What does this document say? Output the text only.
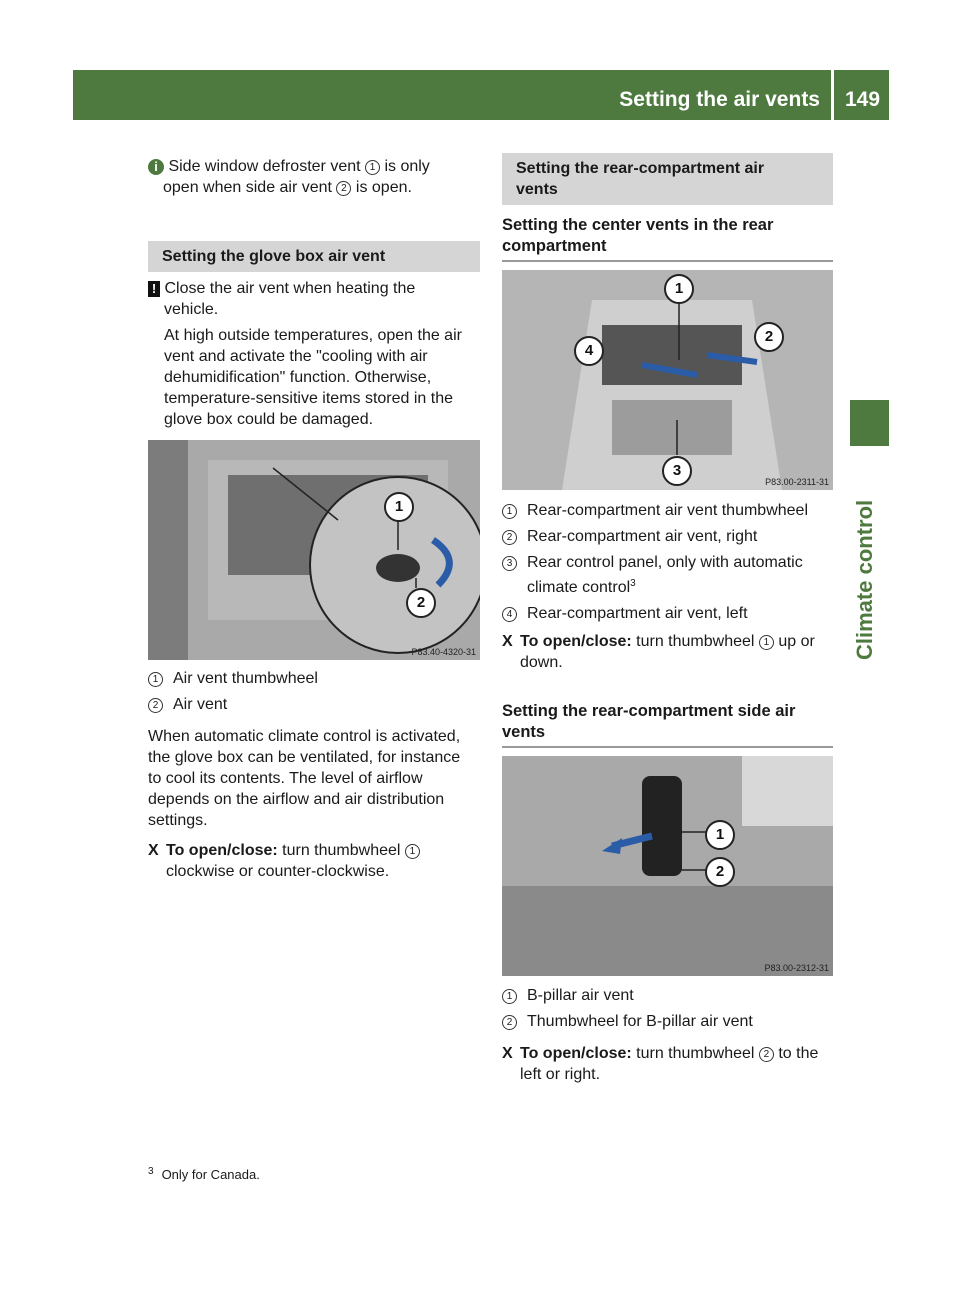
Setting the air vents 149
Climate control
i Side window defroster vent 1 is only
open when side air vent 2 is open.
Setting the glove box air vent
! Close the air vent when heating the
vehicle.
At high outside temperatures, open the air
vent and activate the "cooling with air
dehumidification" function. Otherwise,
temperature-sensitive items stored in the
glove box could be damaged.
1
2
P83.40-4320-31
1 Air vent thumbwheel
2 Air vent
When automatic climate control is activated,
the glove box can be ventilated, for instance
to cool its contents. The level of airflow
depends on the airflow and air distribution
settings.
X To open/close: turn thumbwheel 1
clockwise or counter-clockwise.
Setting the rear-compartment air
vents
Setting the center vents in the rear
compartment
1
2
3
4
P83.00-2311-31
1 Rear-compartment air vent thumbwheel
2 Rear-compartment air vent, right
3 Rear control panel, only with automatic
climate control$^3$
4 Rear-compartment air vent, left
X To open/close: turn thumbwheel 1 up or
down.
Setting the rear-compartment side air
vents
1
2
P83.00-2312-31
1 B-pillar air vent
2 Thumbwheel for B-pillar air vent
X To open/close: turn thumbwheel 2 to the
left or right.
$^3$ Only for Canada.
